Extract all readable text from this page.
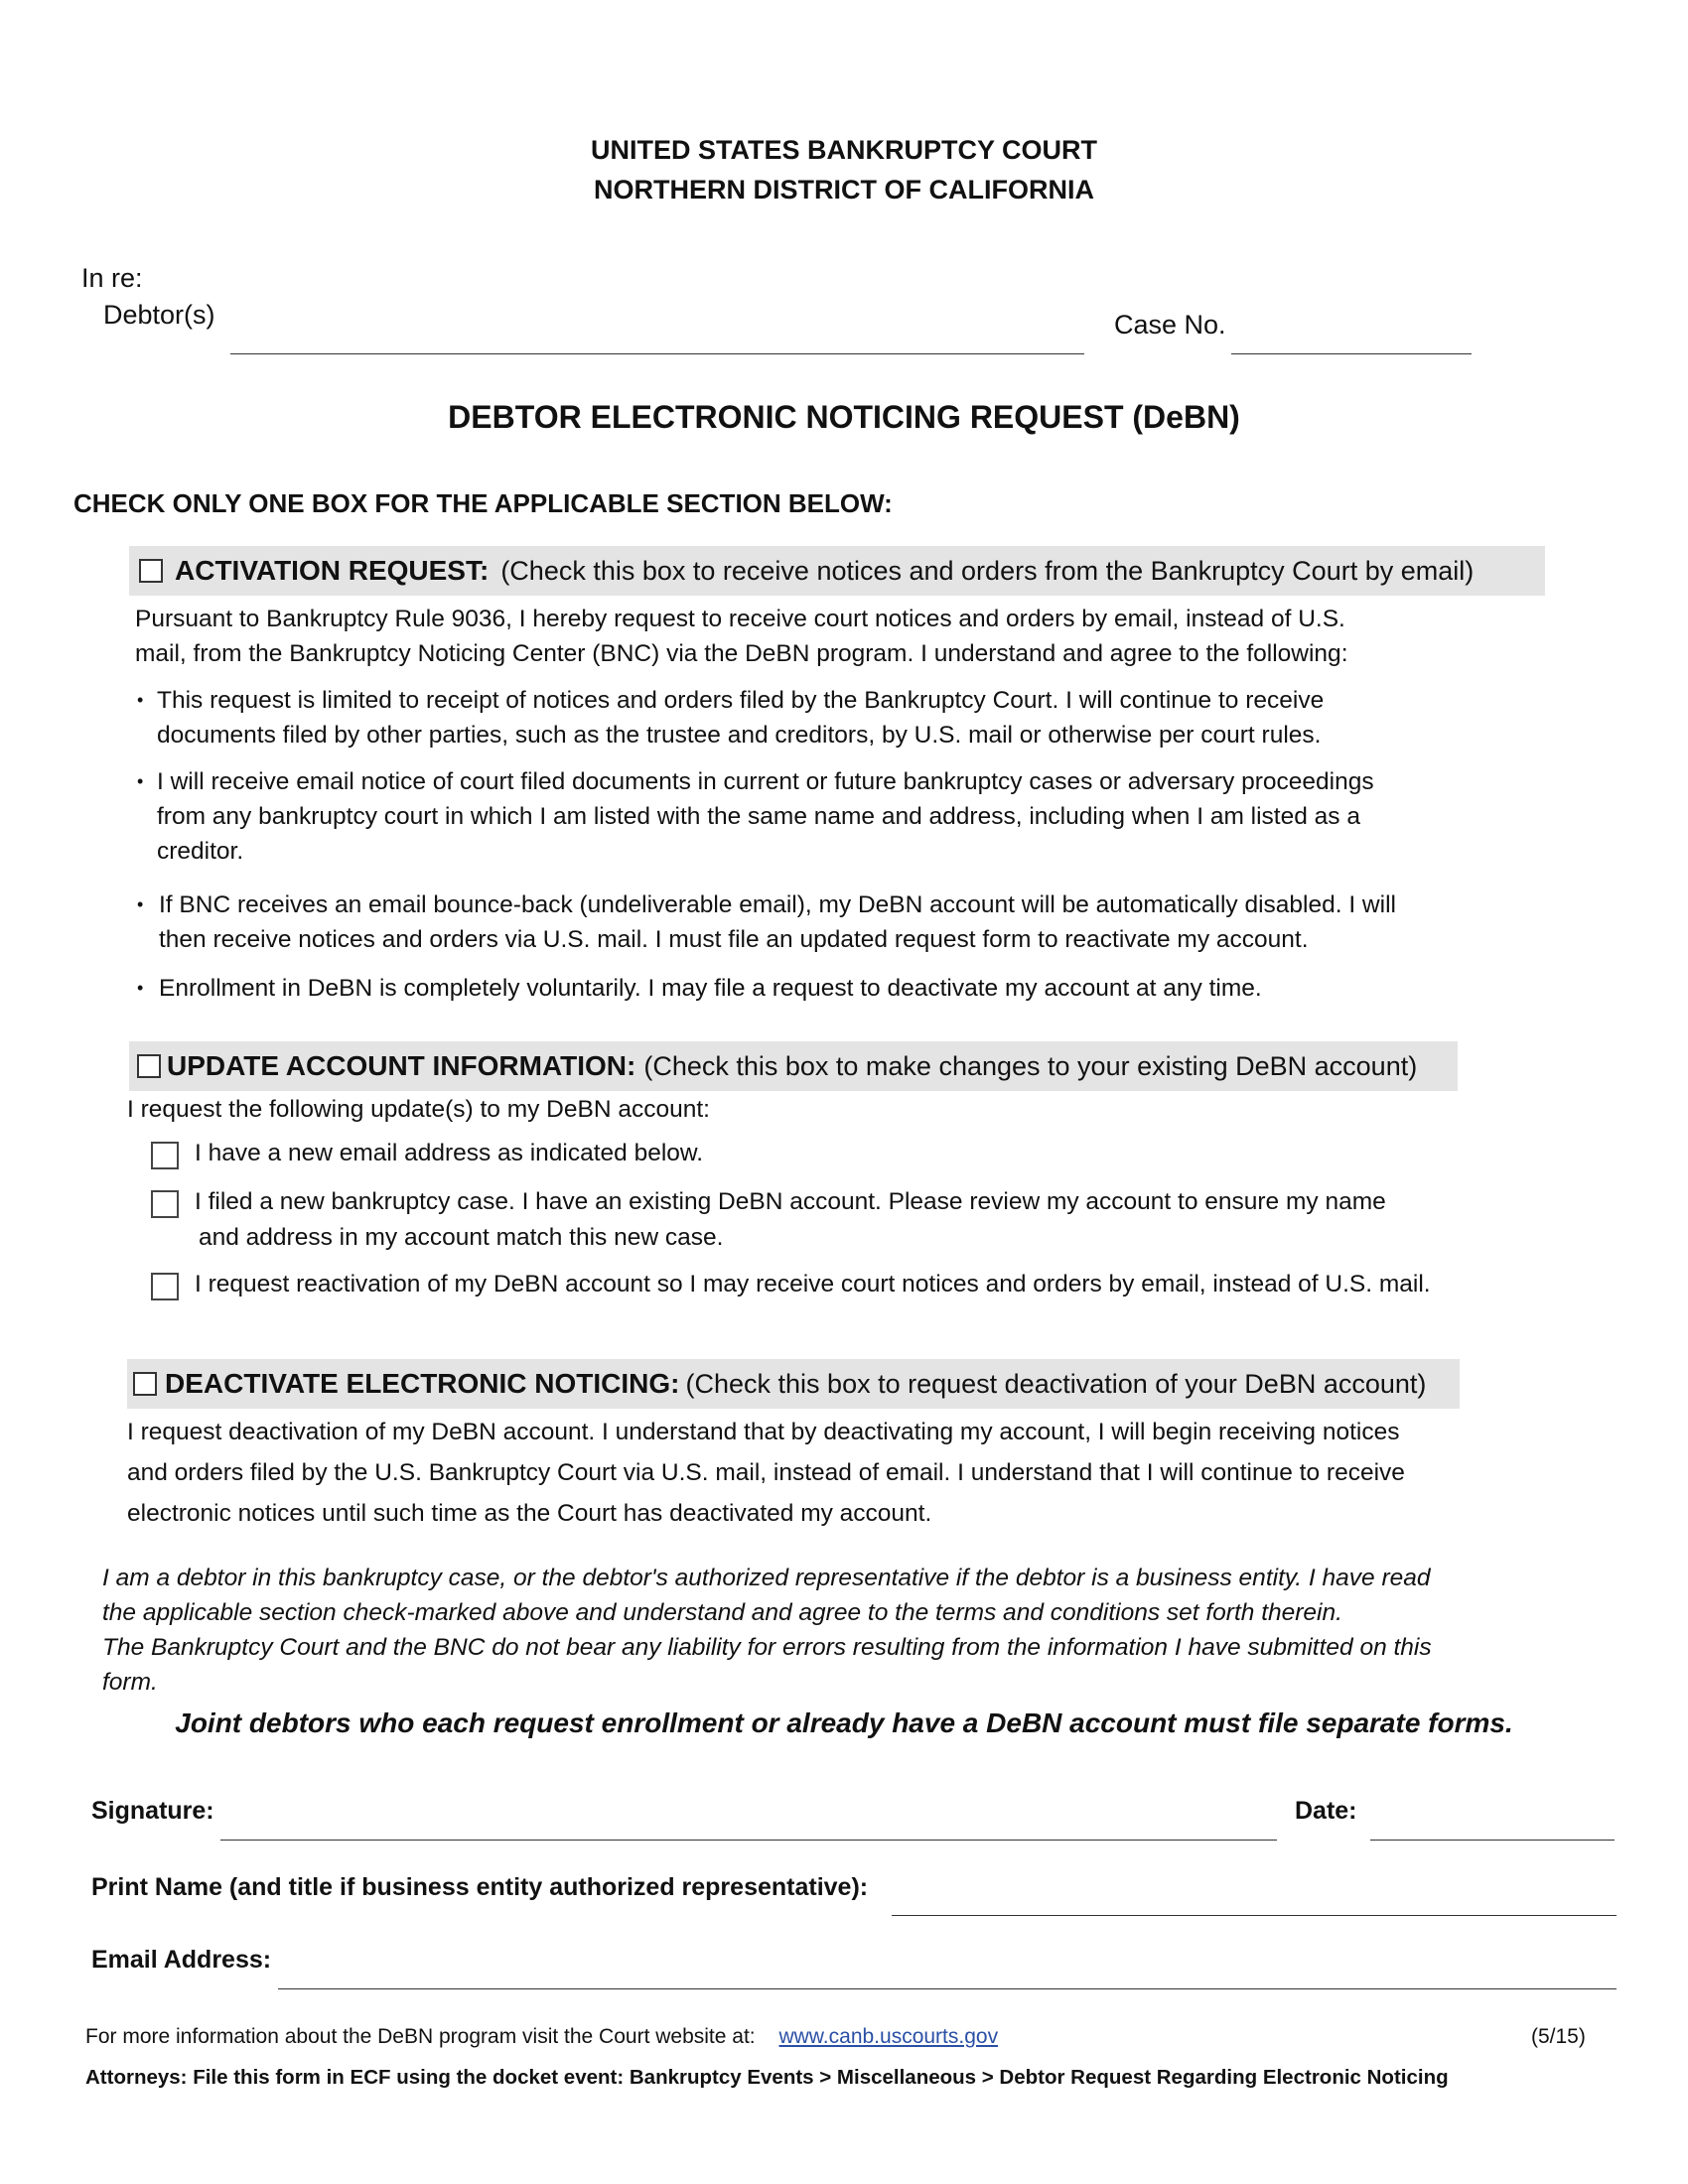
UNITED STATES BANKRUPTCY COURT
NORTHERN DISTRICT OF CALIFORNIA
In re:
Debtor(s)	Case No.
DEBTOR ELECTRONIC NOTICING REQUEST (DeBN)
CHECK ONLY ONE BOX FOR THE APPLICABLE SECTION BELOW:
ACTIVATION REQUEST: (Check this box to receive notices and orders from the Bankruptcy Court by email)
Pursuant to Bankruptcy Rule 9036, I hereby request to receive court notices and orders by email, instead of U.S.
mail, from the Bankruptcy Noticing Center (BNC) via the DeBN program. I understand and agree to the following:
• This request is limited to receipt of notices and orders filed by the Bankruptcy Court. I will continue to receive
documents filed by other parties, such as the trustee and creditors, by U.S. mail or otherwise per court rules.
• I will receive email notice of court filed documents in current or future bankruptcy cases or adversary proceedings
from any bankruptcy court in which I am listed with the same name and address, including when I am listed as a
creditor.
• If BNC receives an email bounce-back (undeliverable email), my DeBN account will be automatically disabled. I will
then receive notices and orders via U.S. mail. I must file an updated request form to reactivate my account.
• Enrollment in DeBN is completely voluntarily. I may file a request to deactivate my account at any time.
UPDATE ACCOUNT INFORMATION: (Check this box to make changes to your existing DeBN account)
I request the following update(s) to my DeBN account:
I have a new email address as indicated below.
I filed a new bankruptcy case. I have an existing DeBN account. Please review my account to ensure my name
and address in my account match this new case.
I request reactivation of my DeBN account so I may receive court notices and orders by email, instead of U.S. mail.
DEACTIVATE ELECTRONIC NOTICING: (Check this box to request deactivation of your DeBN account)
I request deactivation of my DeBN account. I understand that by deactivating my account, I will begin receiving notices
and orders filed by the U.S. Bankruptcy Court via U.S. mail, instead of email. I understand that I will continue to receive
electronic notices until such time as the Court has deactivated my account.
I am a debtor in this bankruptcy case, or the debtor's authorized representative if the debtor is a business entity. I have read
the applicable section check-marked above and understand and agree to the terms and conditions set forth therein.
The Bankruptcy Court and the BNC do not bear any liability for errors resulting from the information I have submitted on this
form.
Joint debtors who each request enrollment or already have a DeBN account must file separate forms.
Signature:	Date:
Print Name (and title if business entity authorized representative):
Email Address:
For more information about the DeBN program visit the Court website at: www.canb.uscourts.gov	(5/15)
Attorneys: File this form in ECF using the docket event: Bankruptcy Events > Miscellaneous > Debtor Request Regarding Electronic Noticing
